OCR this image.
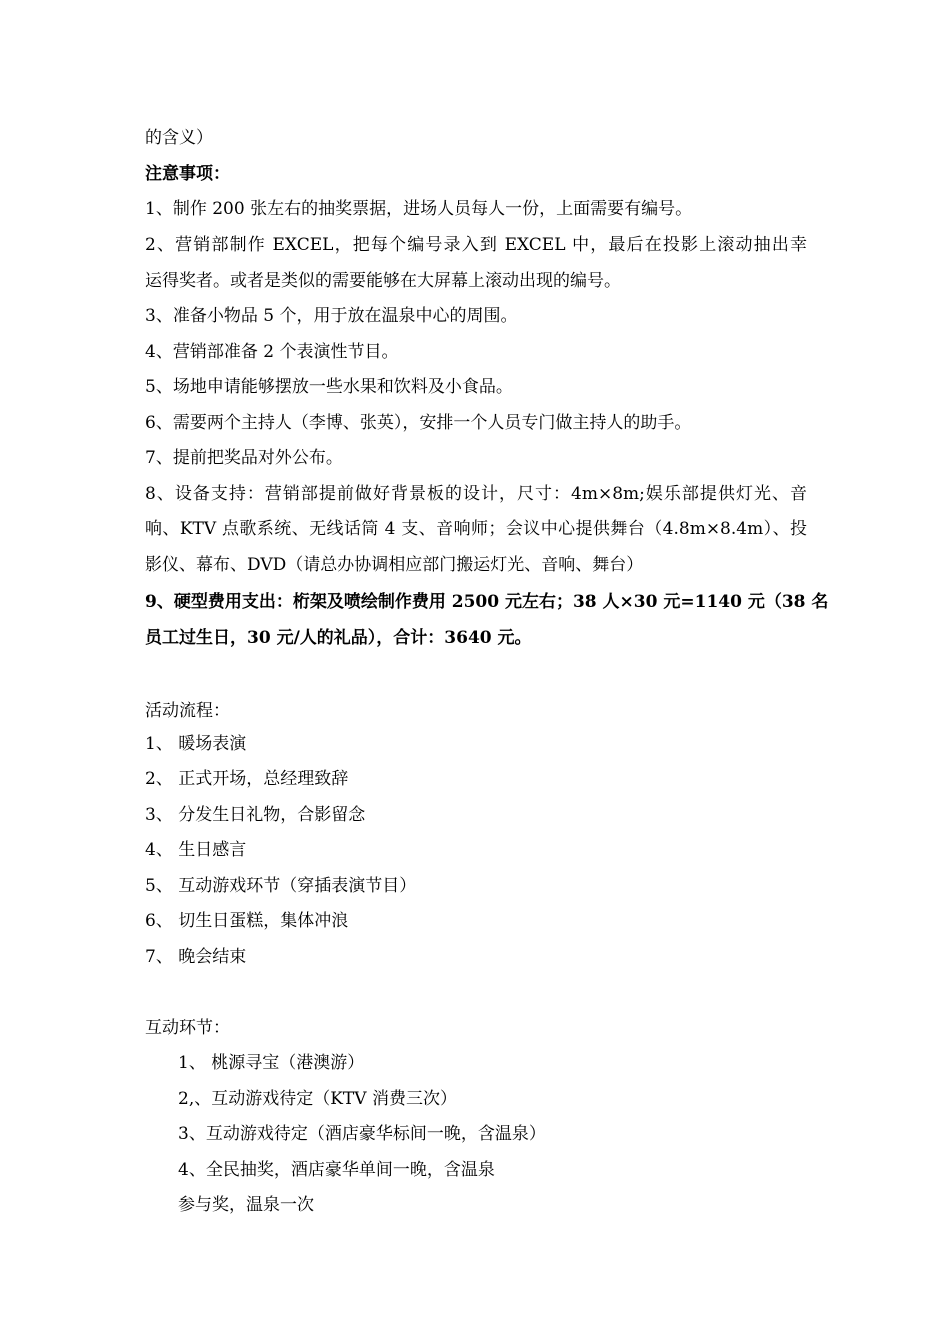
的含义）
注意事项：
1、制作 200 张左右的抽奖票据，进场人员每人一份，上面需要有编号。
2、营销部制作 EXCEL，把每个编号录入到 EXCEL 中，最后在投影上滚动抽出幸
运得奖者。或者是类似的需要能够在大屏幕上滚动出现的编号。
3、准备小物品 5 个，用于放在温泉中心的周围。
4、营销部准备 2 个表演性节目。
5、场地申请能够摆放一些水果和饮料及小食品。
6、需要两个主持人（李博、张英），安排一个人员专门做主持人的助手。
7、提前把奖品对外公布。
8、设备支持：营销部提前做好背景板的设计，尺寸：4m×8m;娱乐部提供灯光、音
响、KTV 点歌系统、无线话筒 4 支、音响师；会议中心提供舞台（4.8m×8.4m）、投
影仪、幕布、DVD（请总办协调相应部门搬运灯光、音响、舞台）
9、硬型费用支出：桁架及喷绘制作费用 2500 元左右；38 人×30 元=1140 元（38 名
员工过生日，30 元/人的礼品），合计：3640 元。
活动流程：
1、 暖场表演
2、 正式开场，总经理致辞
3、 分发生日礼物，合影留念
4、 生日感言
5、 互动游戏环节（穿插表演节目）
6、 切生日蛋糕，集体冲浪
7、 晚会结束
互动环节：
1、 桃源寻宝（港澳游）
2,、互动游戏待定（KTV 消费三次）
3、互动游戏待定（酒店豪华标间一晚，含温泉）
4、全民抽奖，酒店豪华单间一晚，含温泉
参与奖，温泉一次
